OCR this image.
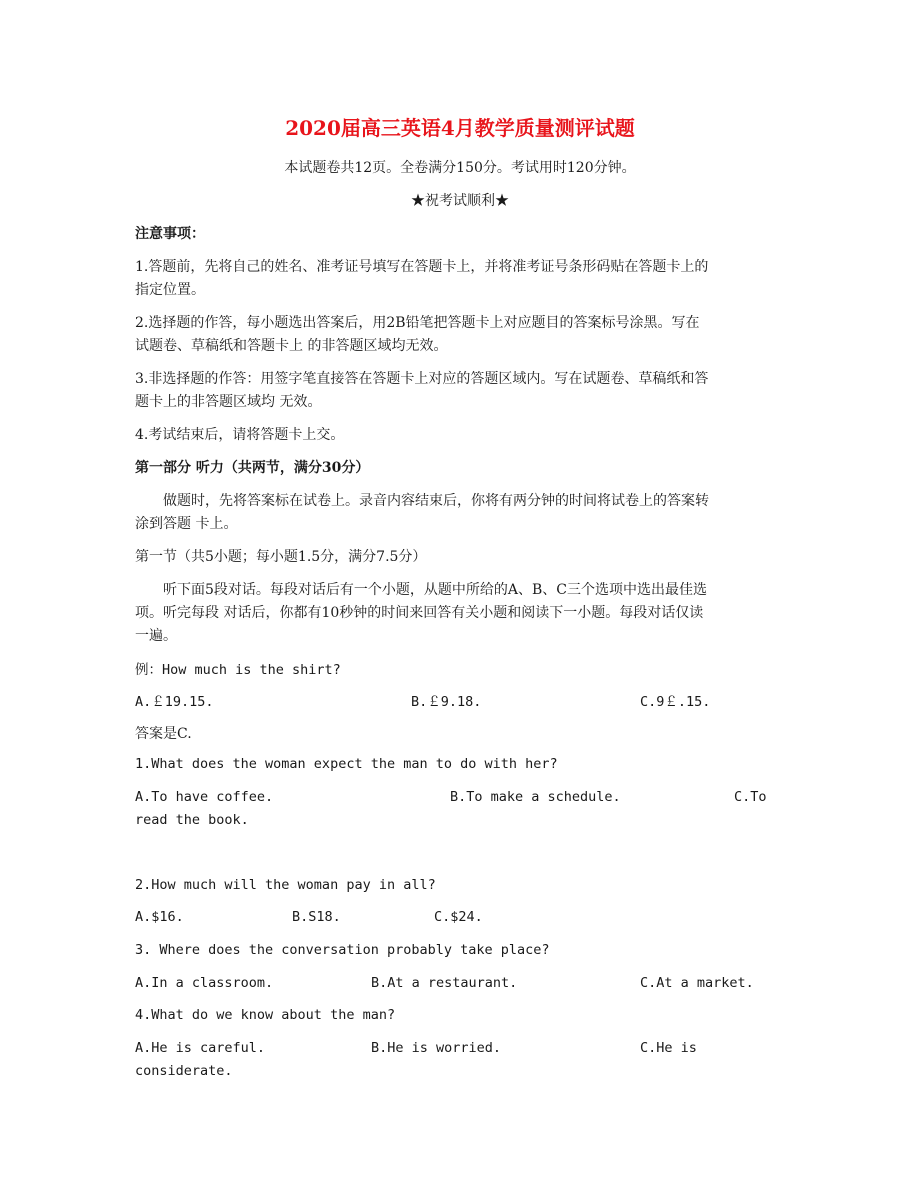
2020届高三英语4月教学质量测评试题
本试题卷共12页。全卷满分150分。考试用时120分钟。
★祝考试顺利★
注意事项：
1.答题前，先将自己的姓名、准考证号填写在答题卡上，并将准考证号条形码贴在答题卡上的
指定位置。
2.选择题的作答，每小题选出答案后，用2B铅笔把答题卡上对应题目的答案标号涂黑。写在
试题卷、草稿纸和答题卡上 的非答题区域均无效。
3.非选择题的作答：用签字笔直接答在答题卡上对应的答题区域内。写在试题卷、草稿纸和答
题卡上的非答题区域均 无效。
4.考试结束后，请将答题卡上交。
第一部分 听力（共两节，满分30分）
做题时，先将答案标在试卷上。录音内容结束后，你将有两分钟的时间将试卷上的答案转
涂到答题 卡上。
第一节（共5小题；每小题1.5分，满分7.5分）
听下面5段对话。每段对话后有一个小题，从题中所给的A、B、C三个选项中选出最佳选
项。听完每段 对话后，你都有10秒钟的时间来回答有关小题和阅读下一小题。每段对话仅读
一遍。
例：How much is the shirt?
A.￡19.15.	B.￡9.18.	C.9￡.15.
答案是C.
1.What does the woman expect the man to do with her?
A.To have coffee.	B.To make a schedule.	C.To
read the book.
2.How much will the woman pay in all?
A.$16.	B.S18.	C.$24.
3. Where does the conversation probably take place?
A.In a classroom.	B.At a restaurant.	C.At a market.
4.What do we know about the man?
A.He is careful.	B.He is worried.	C.He is
considerate.
